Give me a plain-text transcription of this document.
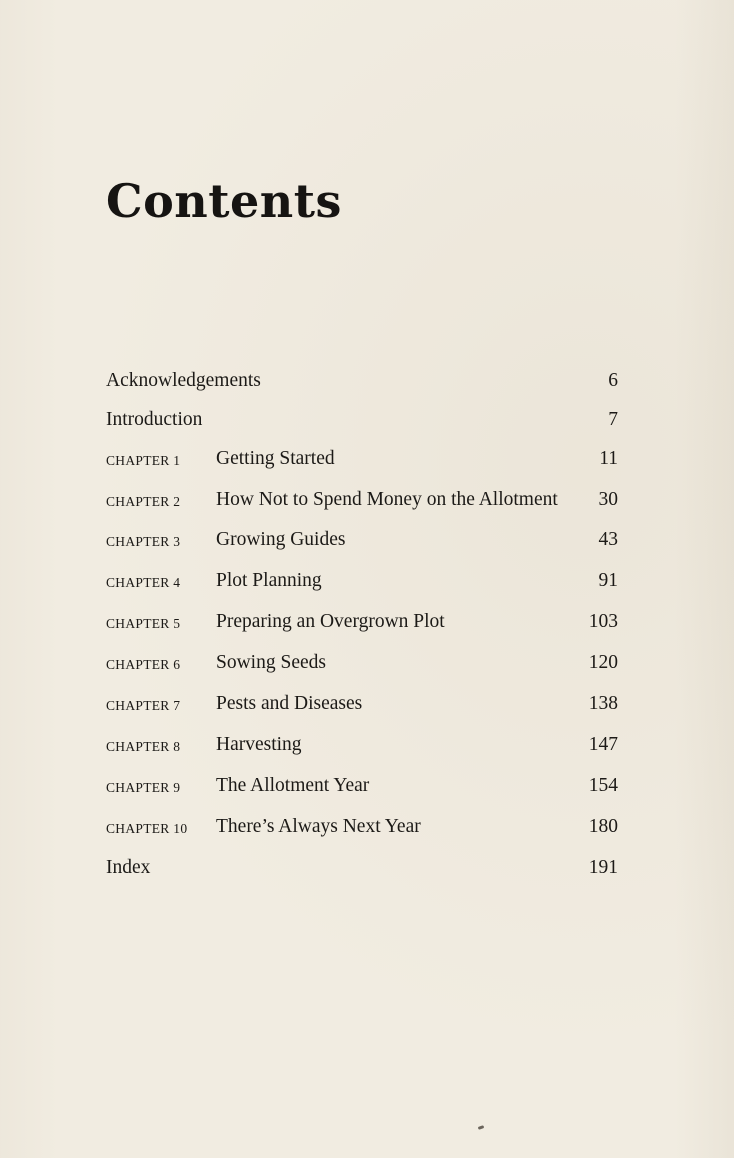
Contents
Acknowledgements	6
Introduction	7
CHAPTER 1	Getting Started	11
CHAPTER 2	How Not to Spend Money on the Allotment	30
CHAPTER 3	Growing Guides	43
CHAPTER 4	Plot Planning	91
CHAPTER 5	Preparing an Overgrown Plot	103
CHAPTER 6	Sowing Seeds	120
CHAPTER 7	Pests and Diseases	138
CHAPTER 8	Harvesting	147
CHAPTER 9	The Allotment Year	154
CHAPTER 10	There’s Always Next Year	180
Index	191
